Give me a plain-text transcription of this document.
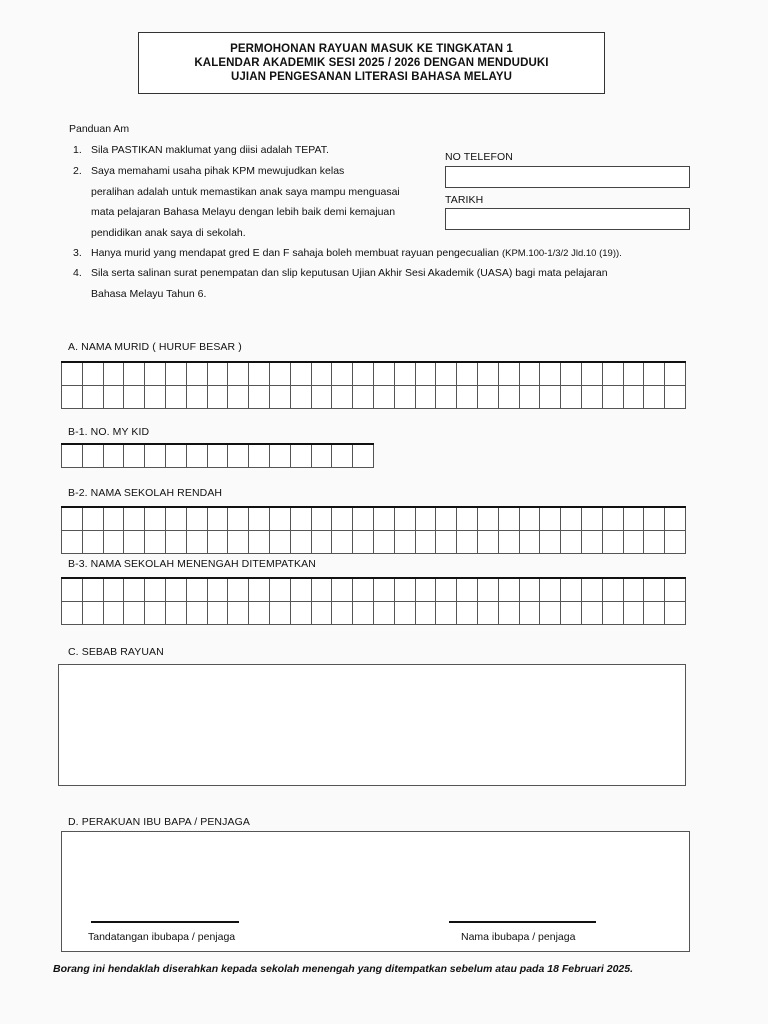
PERMOHONAN RAYUAN MASUK KE TINGKATAN 1
KALENDAR AKADEMIK SESI 2025 / 2026 DENGAN MENDUDUKI
UJIAN PENGESANAN LITERASI BAHASA MELAYU
Panduan Am
1. Sila PASTIKAN maklumat yang diisi adalah TEPAT.
2. Saya memahami usaha pihak KPM mewujudkan kelas
peralihan adalah untuk memastikan anak saya mampu menguasai
mata pelajaran Bahasa Melayu dengan lebih baik demi kemajuan
pendidikan anak saya di sekolah.
3. Hanya murid yang mendapat gred E dan F sahaja boleh membuat rayuan pengecualian (KPM.100-1/3/2 Jld.10 (19)).
4. Sila serta salinan surat penempatan dan slip keputusan Ujian Akhir Sesi Akademik (UASA) bagi mata pelajaran
Bahasa Melayu Tahun 6.
NO TELEFON
TARIKH
A. NAMA MURID ( HURUF BESAR )

B-1. NO. MY KID

B-2. NAMA SEKOLAH RENDAH

B-3. NAMA SEKOLAH MENENGAH DITEMPATKAN

C. SEBAB RAYUAN
D. PERAKUAN IBU BAPA / PENJAGA
Tandatangan ibubapa / penjaga	Nama ibubapa / penjaga
Borang ini hendaklah diserahkan kepada sekolah menengah yang ditempatkan sebelum atau pada 18 Februari 2025.
